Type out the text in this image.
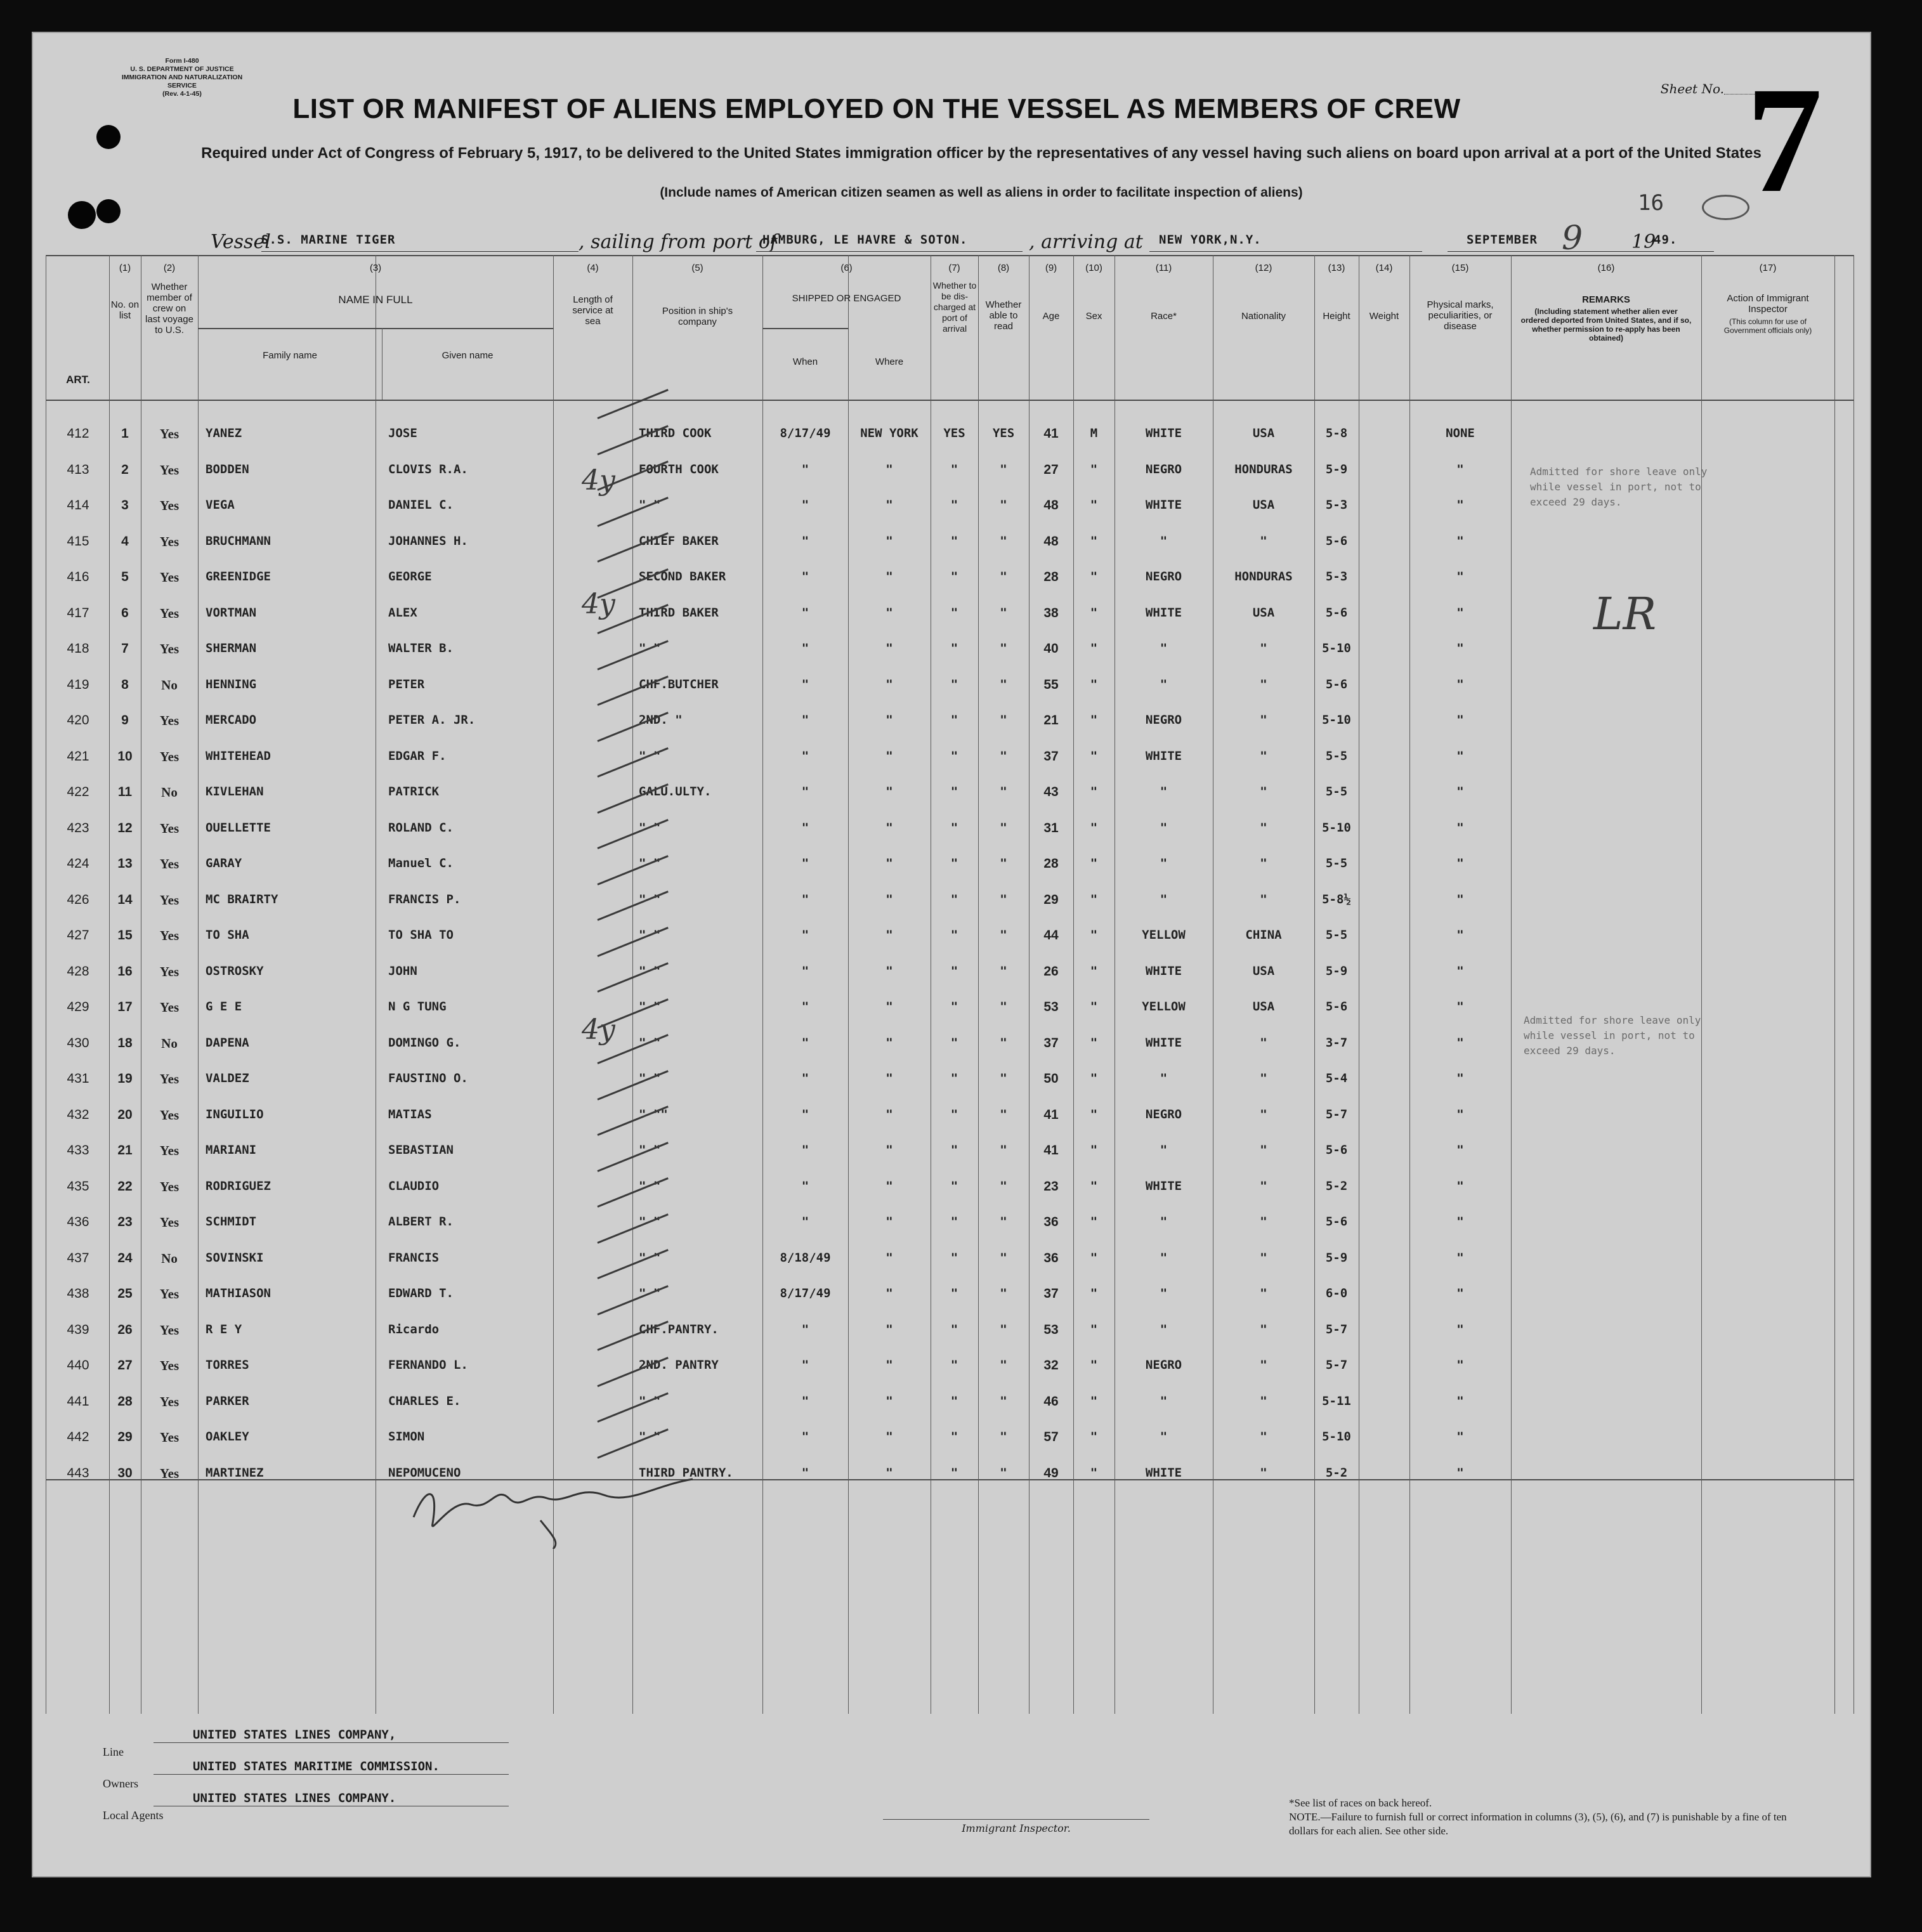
Form I-480
U. S. DEPARTMENT OF JUSTICE
IMMIGRATION AND NATURALIZATION SERVICE
(Rev. 4-1-45)	Sheet No. 7
LIST OR MANIFEST OF ALIENS EMPLOYED ON THE VESSEL AS MEMBERS OF CREW
Required under Act of Congress of February 5, 1917, to be delivered to the United States immigration officer by the representatives of any vessel having such aliens on board upon arrival at a port of the United States
(Include names of American citizen seamen as well as aliens in order to facilitate inspection of aliens)	16
Vessel
S.S. MARINE TIGER	, sailing from port of
HAMBURG, LE HAVRE & SOTON.	, arriving at NEW YORK,N.Y.	SEPTEMBER 9	19
49.
ART.
(1)
No. on list
(2)
Whether member of crew on last voyage to U.S.
(3)
NAME IN FULL
Family name	Given name
(4)
Length of service at sea
(5)
Position in ship's company
(6)
SHIPPED OR ENGAGED
When	Where
(7)
Whether to be dis-charged at port of arrival
(8)
Whether able to read
(9)
Age
(10)
Sex
(11)
Race*
(12)
Nationality
(13)
Height
(14)
Weight
(15)
Physical marks, peculiarities, or disease
(16)
REMARKS
(Including statement whether alien ever ordered deported from United States, and if so, whether permission to re-apply has been obtained)
(17)
Action of Immigrant Inspector
(This column for use of Government officials only)
412	1	Yes	YANEZ	JOSE	THIRD COOK	8/17/49	NEW YORK	YES	YES	41	M	WHITE	USA	5-8	NONE
413	2	Yes	BODDEN	CLOVIS R.A.	FOURTH COOK	"	"	"	"	27	"	NEGRO	HONDURAS	5-9	"
414	3	Yes	VEGA	DANIEL C.	" "	"	"	"	"	48	"	WHITE	USA	5-3	"
415	4	Yes	BRUCHMANN	JOHANNES H.	CHIEF BAKER	"	"	"	"	48	"	"	"	5-6	"
416	5	Yes	GREENIDGE	GEORGE	SECOND BAKER	"	"	"	"	28	"	NEGRO	HONDURAS	5-3	"
417	6	Yes	VORTMAN	ALEX	THIRD BAKER	"	"	"	"	38	"	WHITE	USA	5-6	"
418	7	Yes	SHERMAN	WALTER B.	" "	"	"	"	"	40	"	"	"	5-10	"
419	8	No	HENNING	PETER	CHF.BUTCHER	"	"	"	"	55	"	"	"	5-6	"
420	9	Yes	MERCADO	PETER A. JR.	2ND. "	"	"	"	"	21	"	NEGRO	"	5-10	"
421	10	Yes	WHITEHEAD	EDGAR F.	" "	"	"	"	"	37	"	WHITE	"	5-5	"
422	11	No	KIVLEHAN	PATRICK	GALU.ULTY.	"	"	"	"	43	"	"	"	5-5	"
423	12	Yes	OUELLETTE	ROLAND C.	" "	"	"	"	"	31	"	"	"	5-10	"
424	13	Yes	GARAY	Manuel C.	" "	"	"	"	"	28	"	"	"	5-5	"
426	14	Yes	MC BRAIRTY	FRANCIS P.	" "	"	"	"	"	29	"	"	"	5-8½	"
427	15	Yes	TO SHA	TO SHA TO	" "	"	"	"	"	44	"	YELLOW	CHINA	5-5	"
428	16	Yes	OSTROSKY	JOHN	" "	"	"	"	"	26	"	WHITE	USA	5-9	"
429	17	Yes	G E E	N G TUNG	" "	"	"	"	"	53	"	YELLOW	USA	5-6	"
430	18	No	DAPENA	DOMINGO G.	" "	"	"	"	"	37	"	WHITE	"	3-7	"
431	19	Yes	VALDEZ	FAUSTINO O.	" "	"	"	"	"	50	"	"	"	5-4	"
432	20	Yes	INGUILIO	MATIAS	" ""	"	"	"	"	41	"	NEGRO	"	5-7	"
433	21	Yes	MARIANI	SEBASTIAN	" "	"	"	"	"	41	"	"	"	5-6	"
435	22	Yes	RODRIGUEZ	CLAUDIO	" "	"	"	"	"	23	"	WHITE	"	5-2	"
436	23	Yes	SCHMIDT	ALBERT R.	" "	"	"	"	"	36	"	"	"	5-6	"
437	24	No	SOVINSKI	FRANCIS	" "	8/18/49	"	"	"	36	"	"	"	5-9	"
438	25	Yes	MATHIASON	EDWARD T.	" "	8/17/49	"	"	"	37	"	"	"	6-0	"
439	26	Yes	R E Y	Ricardo	CHF.PANTRY.	"	"	"	"	53	"	"	"	5-7	"
440	27	Yes	TORRES	FERNANDO L.	2ND. PANTRY	"	"	"	"	32	"	NEGRO	"	5-7	"
441	28	Yes	PARKER	CHARLES E.	" "	"	"	"	"	46	"	"	"	5-11	"
442	29	Yes	OAKLEY	SIMON	" "	"	"	"	"	57	"	"	"	5-10	"
443	30	Yes	MARTINEZ	NEPOMUCENO	THIRD PANTRY.	"	"	"	"	49	"	WHITE	"	5-2	"
Admitted for shore leave only
while vessel in port, not to
exceed 29 days.
Admitted for shore leave only
while vessel in port, not to
exceed 29 days.
LR
4y
4y
4y
Line
UNITED STATES LINES COMPANY,
Owners
UNITED STATES MARITIME COMMISSION.
Local Agents
UNITED STATES LINES COMPANY.
Immigrant Inspector.
*See list of races on back hereof.
NOTE.—Failure to furnish full or correct information in columns (3), (5), (6), and (7) is punishable by a fine of ten dollars for each alien. See other side.
